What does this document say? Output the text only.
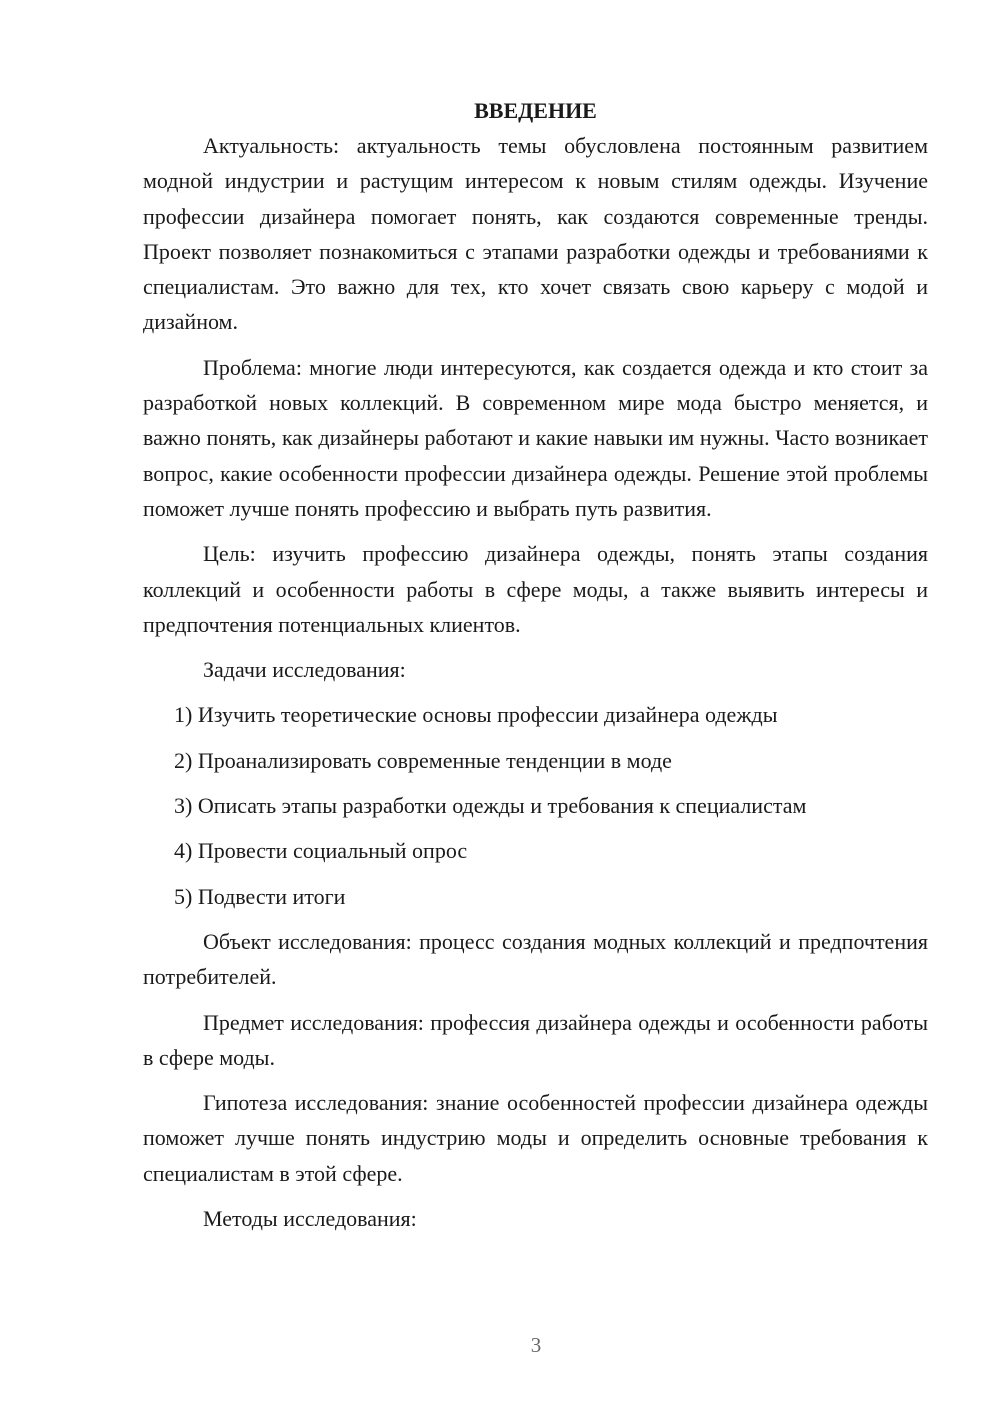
ВВЕДЕНИЕ

Актуальность: актуальность темы обусловлена постоянным развитием модной индустрии и растущим интересом к новым стилям одежды. Изучение профессии дизайнера помогает понять, как создаются современные тренды. Проект позволяет познакомиться с этапами разработки одежды и требованиями к специалистам. Это важно для тех, кто хочет связать свою карьеру с модой и дизайном.

Проблема: многие люди интересуются, как создается одежда и кто стоит за разработкой новых коллекций. В современном мире мода быстро меняется, и важно понять, как дизайнеры работают и какие навыки им нужны. Часто возникает вопрос, какие особенности профессии дизайнера одежды. Решение этой проблемы поможет лучше понять профессию и выбрать путь развития.

Цель: изучить профессию дизайнера одежды, понять этапы создания коллекций и особенности работы в сфере моды, а также выявить интересы и предпочтения потенциальных клиентов.

Задачи исследования:

1) Изучить теоретические основы профессии дизайнера одежды
2) Проанализировать современные тенденции в моде
3) Описать этапы разработки одежды и требования к специалистам
4) Провести социальный опрос
5) Подвести итоги

Объект исследования: процесс создания модных коллекций и предпочтения потребителей.

Предмет исследования: профессия дизайнера одежды и особенности работы в сфере моды.

Гипотеза исследования: знание особенностей профессии дизайнера одежды поможет лучше понять индустрию моды и определить основные требования к специалистам в этой сфере.

Методы исследования:

3
